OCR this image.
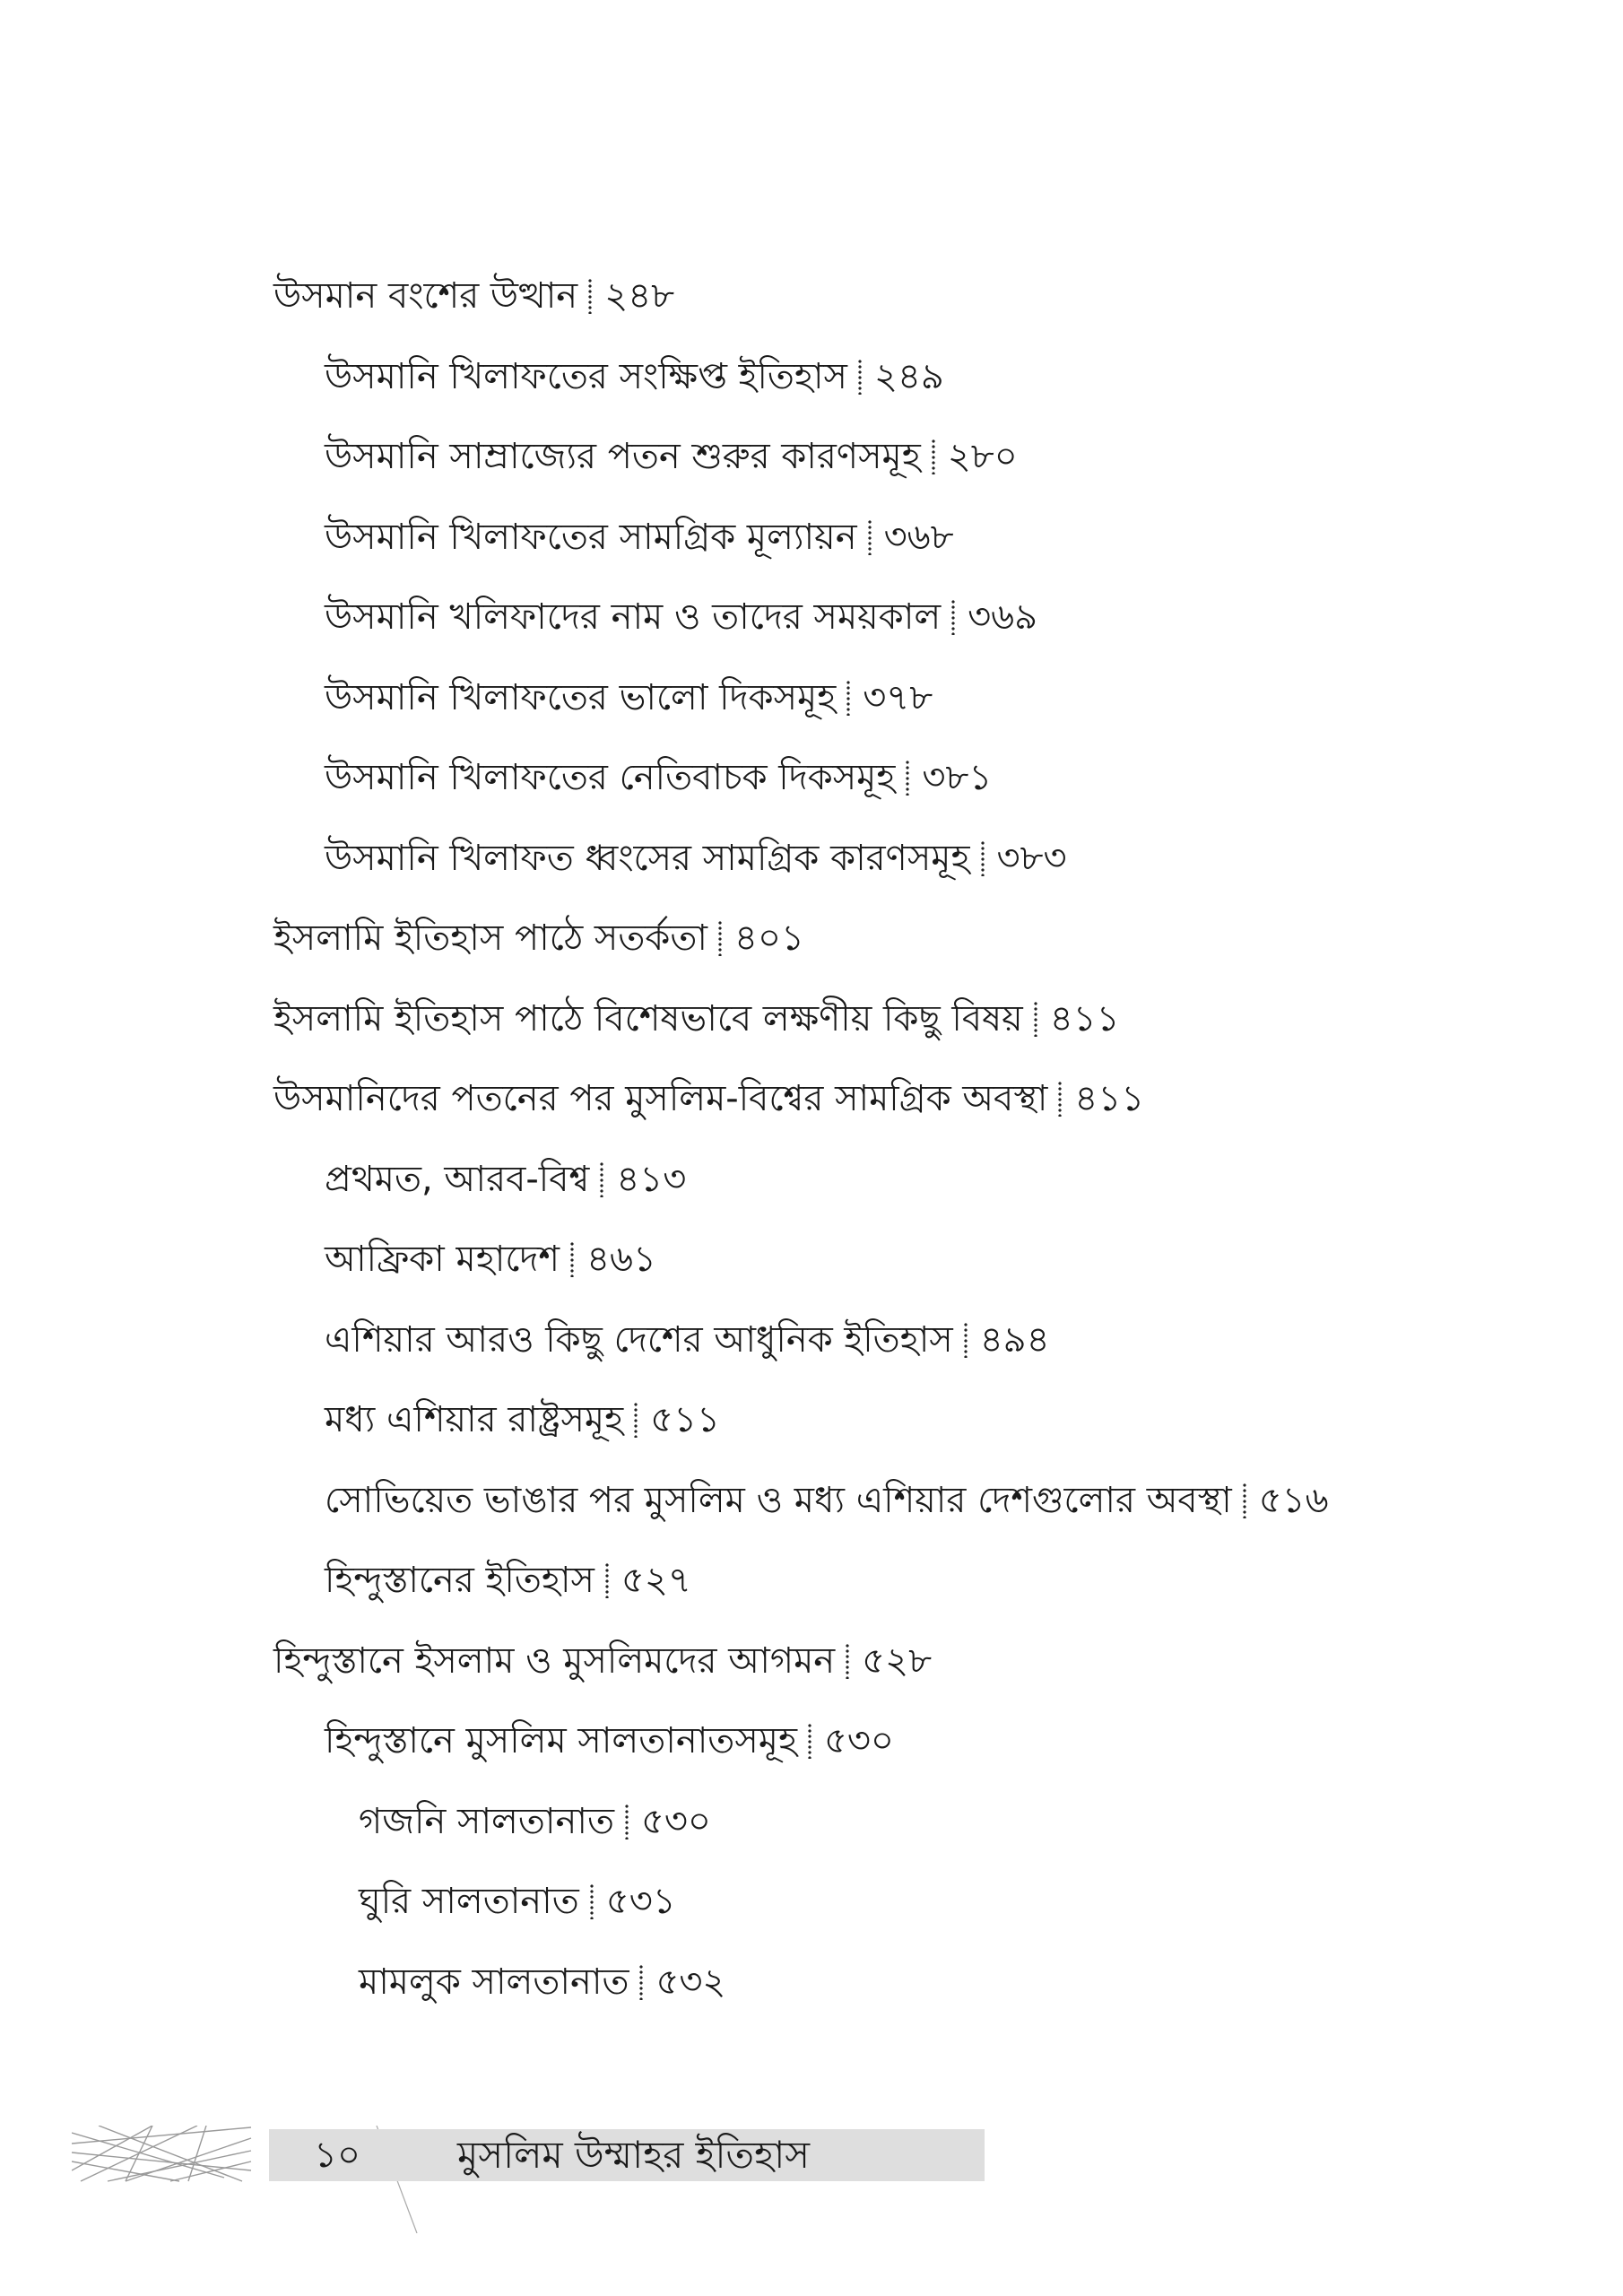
উসমান বংশের উত্থান ২৪৮
উসমানি খিলাফতের সংক্ষিপ্ত ইতিহাস ২৪৯
উসমানি সাম্রাজ্যের পতন শুরুর কারণসমূহ ২৮০
উসমানি খিলাফতের সামগ্রিক মূল্যায়ন ৩৬৮
উসমানি খলিফাদের নাম ও তাদের সময়কাল ৩৬৯
উসমানি খিলাফতের ভালো দিকসমূহ ৩৭৮
উসমানি খিলাফতের নেতিবাচক দিকসমূহ ৩৮১
উসমানি খিলাফত ধ্বংসের সামগ্রিক কারণসমূহ ৩৮৩
ইসলামি ইতিহাস পাঠে সতর্কতা ৪০১
ইসলামি ইতিহাস পাঠে বিশেষভাবে লক্ষণীয় কিছু বিষয় ৪১১
উসমানিদের পতনের পর মুসলিম-বিশ্বের সামগ্রিক অবস্থা ৪১১
প্রথমত, আরব-বিশ্ব ৪১৩
আফ্রিকা মহাদেশ ৪৬১
এশিয়ার আরও কিছু দেশের আধুনিক ইতিহাস ৪৯৪
মধ্য এশিয়ার রাষ্ট্রসমূহ ৫১১
সোভিয়েত ভাঙার পর মুসলিম ও মধ্য এশিয়ার দেশগুলোর অবস্থা ৫১৬
হিন্দুস্তানের ইতিহাস ৫২৭
হিন্দুস্তানে ইসলাম ও মুসলিমদের আগমন ৫২৮
হিন্দুস্তানে মুসলিম সালতানাতসমূহ ৫৩০
গজনি সালতানাত ৫৩০
ঘুরি সালতানাত ৫৩১
মামলুক সালতানাত ৫৩২
১০	মুসলিম উম্মাহর ইতিহাস
